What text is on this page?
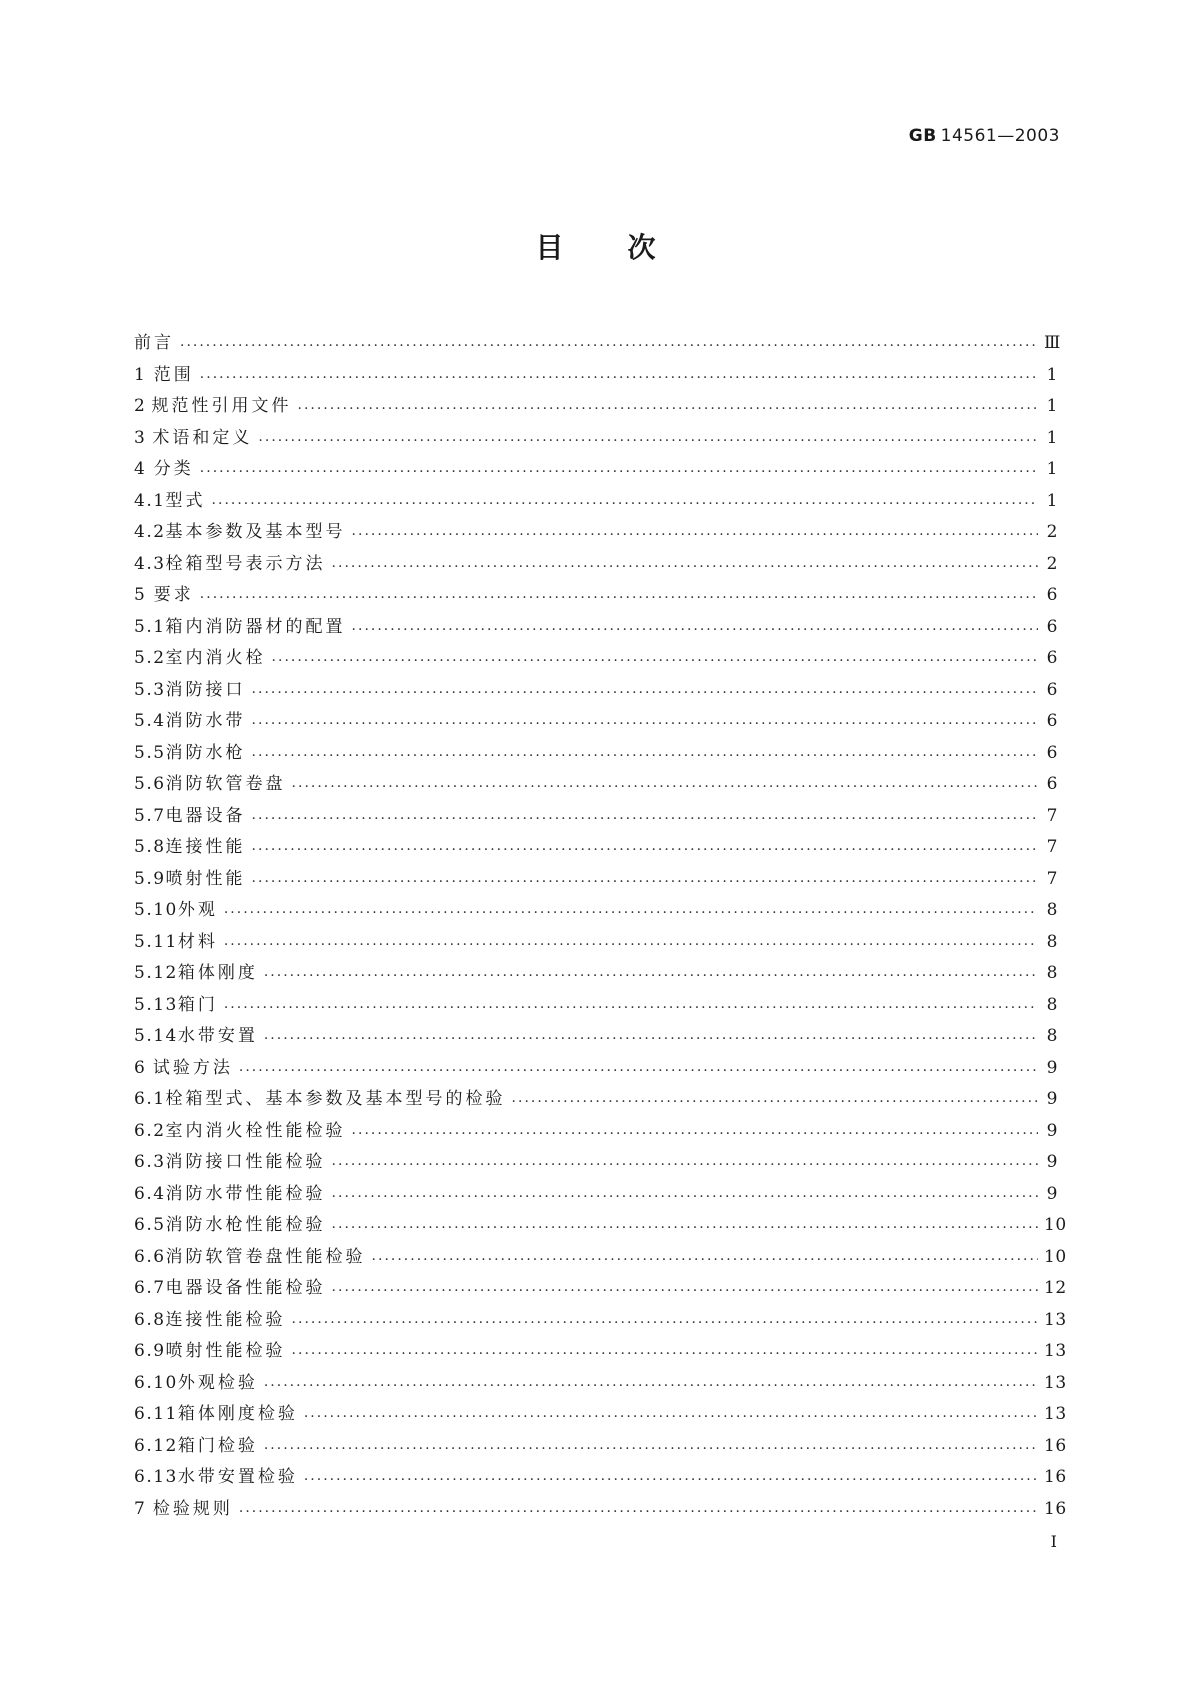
GB 14561—2003
目次
前言 ·····	Ⅲ
1 范围 ·····	1
2 规范性引用文件 ·····	1
3 术语和定义 ·····	1
4 分类 ·····	1
4.1 型式 ·····	1
4.2 基本参数及基本型号 ·····	2
4.3 栓箱型号表示方法 ·····	2
5 要求 ·····	6
5.1 箱内消防器材的配置 ·····	6
5.2 室内消火栓 ·····	6
5.3 消防接口 ·····	6
5.4 消防水带 ·····	6
5.5 消防水枪 ·····	6
5.6 消防软管卷盘 ·····	6
5.7 电器设备 ·····	7
5.8 连接性能 ·····	7
5.9 喷射性能 ·····	7
5.10 外观 ·····	8
5.11 材料 ·····	8
5.12 箱体刚度 ·····	8
5.13 箱门 ·····	8
5.14 水带安置 ·····	8
6 试验方法 ·····	9
6.1 栓箱型式、基本参数及基本型号的检验 ·····	9
6.2 室内消火栓性能检验 ·····	9
6.3 消防接口性能检验 ·····	9
6.4 消防水带性能检验 ·····	9
6.5 消防水枪性能检验 ·····	10
6.6 消防软管卷盘性能检验 ·····	10
6.7 电器设备性能检验 ·····	12
6.8 连接性能检验 ·····	13
6.9 喷射性能检验 ·····	13
6.10 外观检验 ·····	13
6.11 箱体刚度检验 ·····	13
6.12 箱门检验 ·····	16
6.13 水带安置检验 ·····	16
7 检验规则 ·····	16
Ⅰ
